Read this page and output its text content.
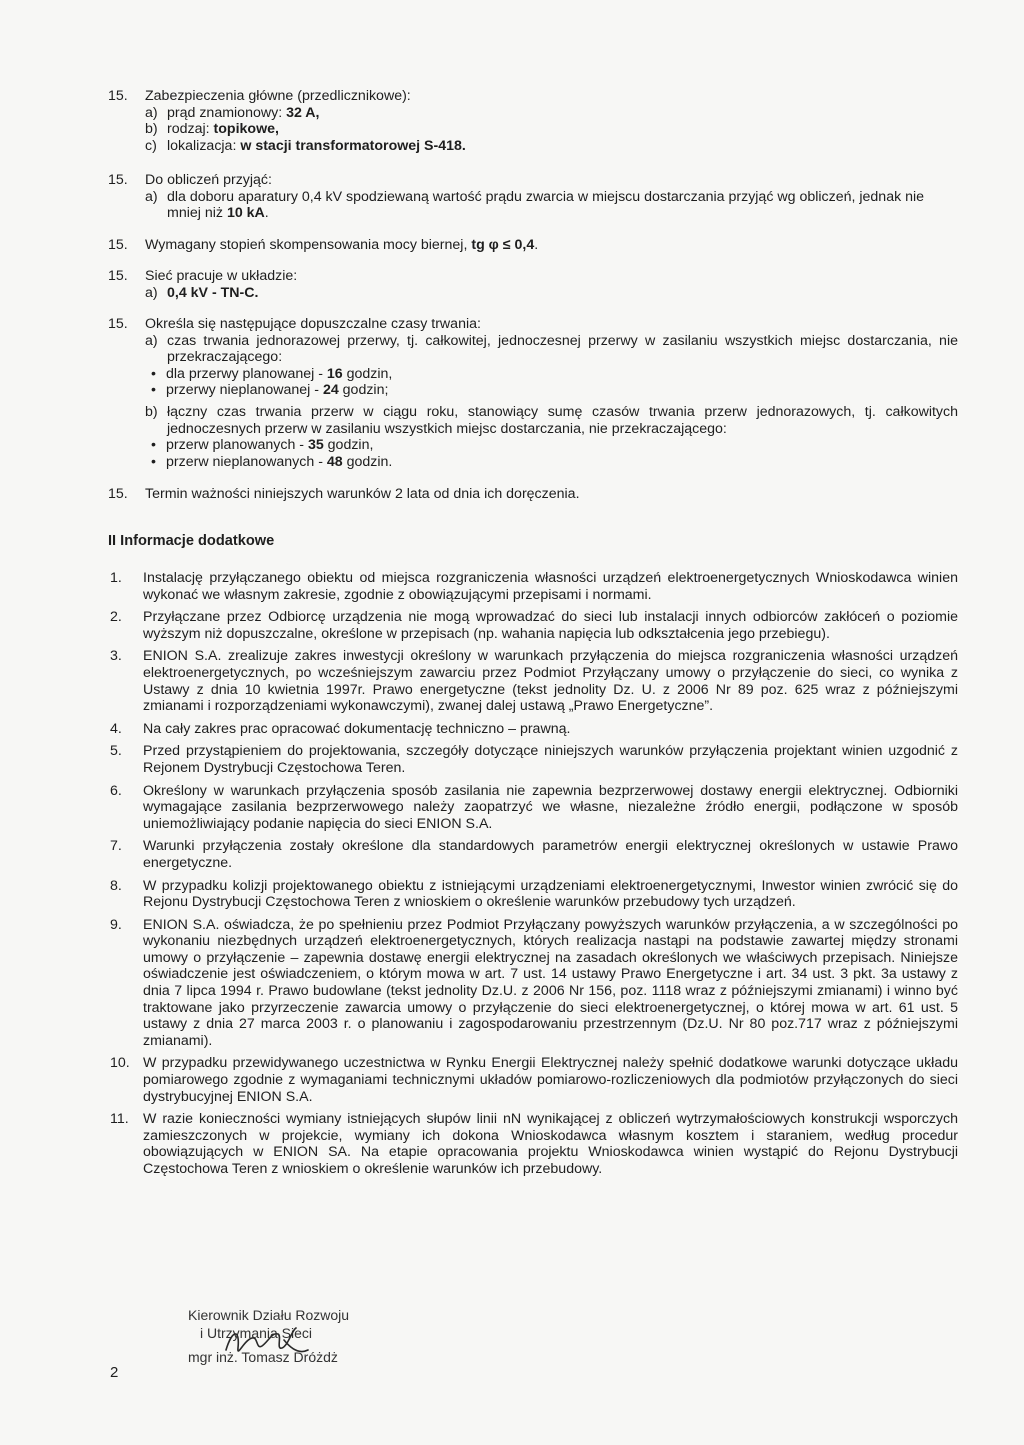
15. Zabezpieczenia główne (przedlicznikowe):
a) prąd znamionowy: 32 A,
b) rodzaj: topikowe,
c) lokalizacja: w stacji transformatorowej S-418.
15. Do obliczeń przyjąć:
a) dla doboru aparatury 0,4 kV spodziewaną wartość prądu zwarcia w miejscu dostarczania przyjąć wg obliczeń, jednak nie mniej niż 10 kA.
15. Wymagany stopień skompensowania mocy biernej, tg φ ≤ 0,4.
15. Sieć pracuje w układzie:
a) 0,4 kV - TN-C.
15. Określa się następujące dopuszczalne czasy trwania:
a) czas trwania jednorazowej przerwy, tj. całkowitej, jednoczesnej przerwy w zasilaniu wszystkich miejsc dostarczania, nie przekraczającego:
• dla przerwy planowanej - 16 godzin,
• przerwy nieplanowanej - 24 godzin;
b) łączny czas trwania przerw w ciągu roku, stanowiący sumę czasów trwania przerw jednorazowych, tj. całkowitych jednoczesnych przerw w zasilaniu wszystkich miejsc dostarczania, nie przekraczającego:
• przerw planowanych - 35 godzin,
• przerw nieplanowanych - 48 godzin.
15. Termin ważności niniejszych warunków 2 lata od dnia ich doręczenia.
II Informacje dodatkowe
1. Instalację przyłączanego obiektu od miejsca rozgraniczenia własności urządzeń elektroenergetycznych Wnioskodawca winien wykonać we własnym zakresie, zgodnie z obowiązującymi przepisami i normami.
2. Przyłączane przez Odbiorcę urządzenia nie mogą wprowadzać do sieci lub instalacji innych odbiorców zakłóceń o poziomie wyższym niż dopuszczalne, określone w przepisach (np. wahania napięcia lub odkształcenia jego przebiegu).
3. ENION S.A. zrealizuje zakres inwestycji określony w warunkach przyłączenia do miejsca rozgraniczenia własności urządzeń elektroenergetycznych, po wcześniejszym zawarciu przez Podmiot Przyłączany umowy o przyłączenie do sieci, co wynika z Ustawy z dnia 10 kwietnia 1997r. Prawo energetyczne (tekst jednolity Dz. U. z 2006 Nr 89 poz. 625 wraz z późniejszymi zmianami i rozporządzeniami wykonawczymi), zwanej dalej ustawą „Prawo Energetyczne”.
4. Na cały zakres prac opracować dokumentację techniczno – prawną.
5. Przed przystąpieniem do projektowania, szczegóły dotyczące niniejszych warunków przyłączenia projektant winien uzgodnić z Rejonem Dystrybucji Częstochowa Teren.
6. Określony w warunkach przyłączenia sposób zasilania nie zapewnia bezprzerwowej dostawy energii elektrycznej. Odbiorniki wymagające zasilania bezprzerwowego należy zaopatrzyć we własne, niezależne źródło energii, podłączone w sposób uniemożliwiający podanie napięcia do sieci ENION S.A.
7. Warunki przyłączenia zostały określone dla standardowych parametrów energii elektrycznej określonych w ustawie Prawo energetyczne.
8. W przypadku kolizji projektowanego obiektu z istniejącymi urządzeniami elektroenergetycznymi, Inwestor winien zwrócić się do Rejonu Dystrybucji Częstochowa Teren z wnioskiem o określenie warunków przebudowy tych urządzeń.
9. ENION S.A. oświadcza, że po spełnieniu przez Podmiot Przyłączany powyższych warunków przyłączenia, a w szczególności po wykonaniu niezbędnych urządzeń elektroenergetycznych, których realizacja nastąpi na podstawie zawartej między stronami umowy o przyłączenie – zapewnia dostawę energii elektrycznej na zasadach określonych we właściwych przepisach. Niniejsze oświadczenie jest oświadczeniem, o którym mowa w art. 7 ust. 14 ustawy Prawo Energetyczne i art. 34 ust. 3 pkt. 3a ustawy z dnia 7 lipca 1994 r. Prawo budowlane (tekst jednolity Dz.U. z 2006 Nr 156, poz. 1118 wraz z późniejszymi zmianami) i winno być traktowane jako przyrzeczenie zawarcia umowy o przyłączenie do sieci elektroenergetycznej, o której mowa w art. 61 ust. 5 ustawy z dnia 27 marca 2003 r. o planowaniu i zagospodarowaniu przestrzennym (Dz.U. Nr 80 poz.717 wraz z późniejszymi zmianami).
10. W przypadku przewidywanego uczestnictwa w Rynku Energii Elektrycznej należy spełnić dodatkowe warunki dotyczące układu pomiarowego zgodnie z wymaganiami technicznymi układów pomiarowo-rozliczeniowych dla podmiotów przyłączonych do sieci dystrybucyjnej ENION S.A.
11. W razie konieczności wymiany istniejących słupów linii nN wynikającej z obliczeń wytrzymałościowych konstrukcji wsporczych zamieszczonych w projekcie, wymiany ich dokona Wnioskodawca własnym kosztem i staraniem, według procedur obowiązujących w ENION SA. Na etapie opracowania projektu Wnioskodawca winien wystąpić do Rejonu Dystrybucji Częstochowa Teren z wnioskiem o określenie warunków ich przebudowy.
Kierownik Działu Rozwoju
i Utrzymania Sieci
mgr inż. Tomasz Dróżdż
2
